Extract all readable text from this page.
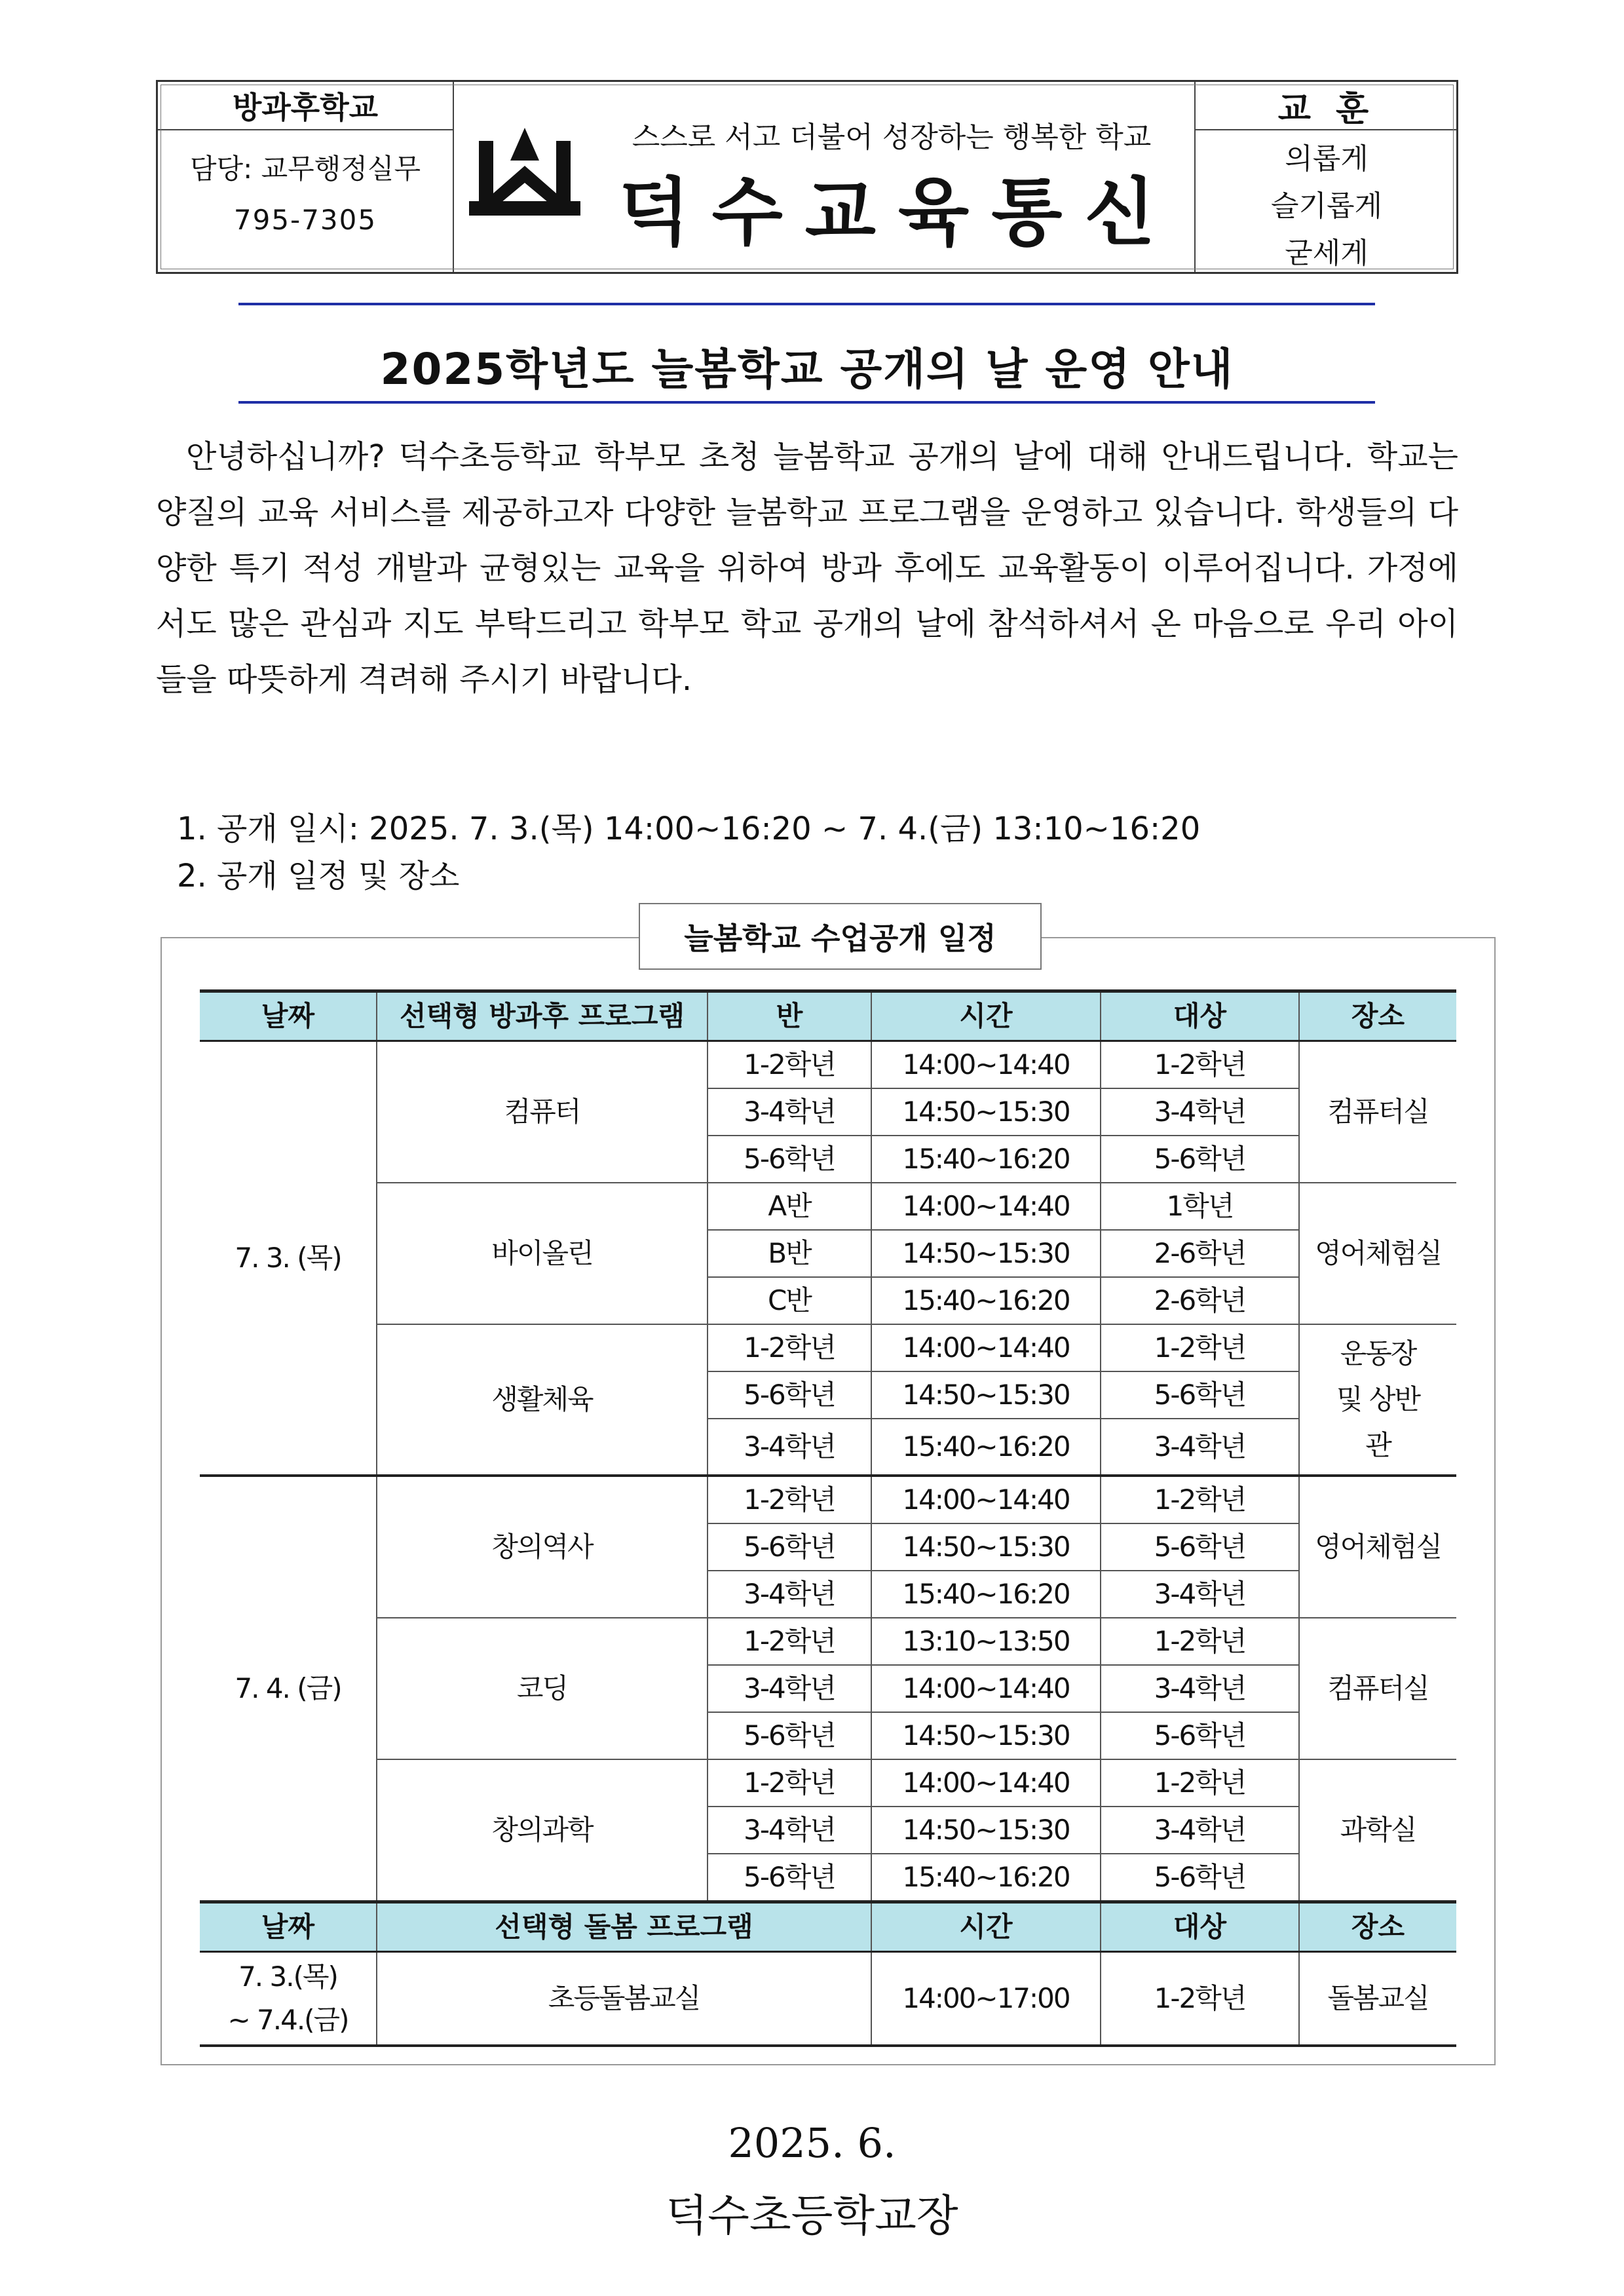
방과후학교
담당: 교무행정실무
795-7305
스스로 서고 더불어 성장하는 행복한 학교
덕수교육통신
교 훈
의롭게
슬기롭게
굳세게
2025학년도 늘봄학교 공개의 날 운영 안내

안녕하십니까? 덕수초등학교 학부모 초청 늘봄학교 공개의 날에 대해 안내드립니다. 학교는 양질의 교육 서비스를 제공하고자 다양한 늘봄학교 프로그램을 운영하고 있습니다. 학생들의 다양한 특기 적성 개발과 균형있는 교육을 위하여 방과 후에도 교육활동이 이루어집니다. 가정에서도 많은 관심과 지도 부탁드리고 학부모 학교 공개의 날에 참석하셔서 온 마음으로 우리 아이들을 따뜻하게 격려해 주시기 바랍니다.

1. 공개 일시: 2025. 7. 3.(목) 14:00~16:20 ~ 7. 4.(금) 13:10~16:20
2. 공개 일정 및 장소
늘봄학교 수업공개 일정
날짜	선택형 방과후 프로그램	반	시간	대상	장소
7. 3. (목)	컴퓨터	1-2학년	14:00~14:40	1-2학년	컴퓨터실
		3-4학년	14:50~15:30	3-4학년	
		5-6학년	15:40~16:20	5-6학년	
	바이올린	A반	14:00~14:40	1학년	영어체험실
		B반	14:50~15:30	2-6학년	
		C반	15:40~16:20	2-6학년	
	생활체육	1-2학년	14:00~14:40	1-2학년	운동장 및 상반관
		5-6학년	14:50~15:30	5-6학년	
		3-4학년	15:40~16:20	3-4학년	
7. 4. (금)	창의역사	1-2학년	14:00~14:40	1-2학년	영어체험실
		5-6학년	14:50~15:30	5-6학년	
		3-4학년	15:40~16:20	3-4학년	
	코딩	1-2학년	13:10~13:50	1-2학년	컴퓨터실
		3-4학년	14:00~14:40	3-4학년	
		5-6학년	14:50~15:30	5-6학년	
	창의과학	1-2학년	14:00~14:40	1-2학년	과학실
		3-4학년	14:50~15:30	3-4학년	
		5-6학년	15:40~16:20	5-6학년	
날짜	선택형 돌봄 프로그램		시간	대상	장소
7. 3.(목)
~ 7.4.(금)	초등돌봄교실		14:00~17:00	1-2학년	돌봄교실
2025. 6.
덕수초등학교장
